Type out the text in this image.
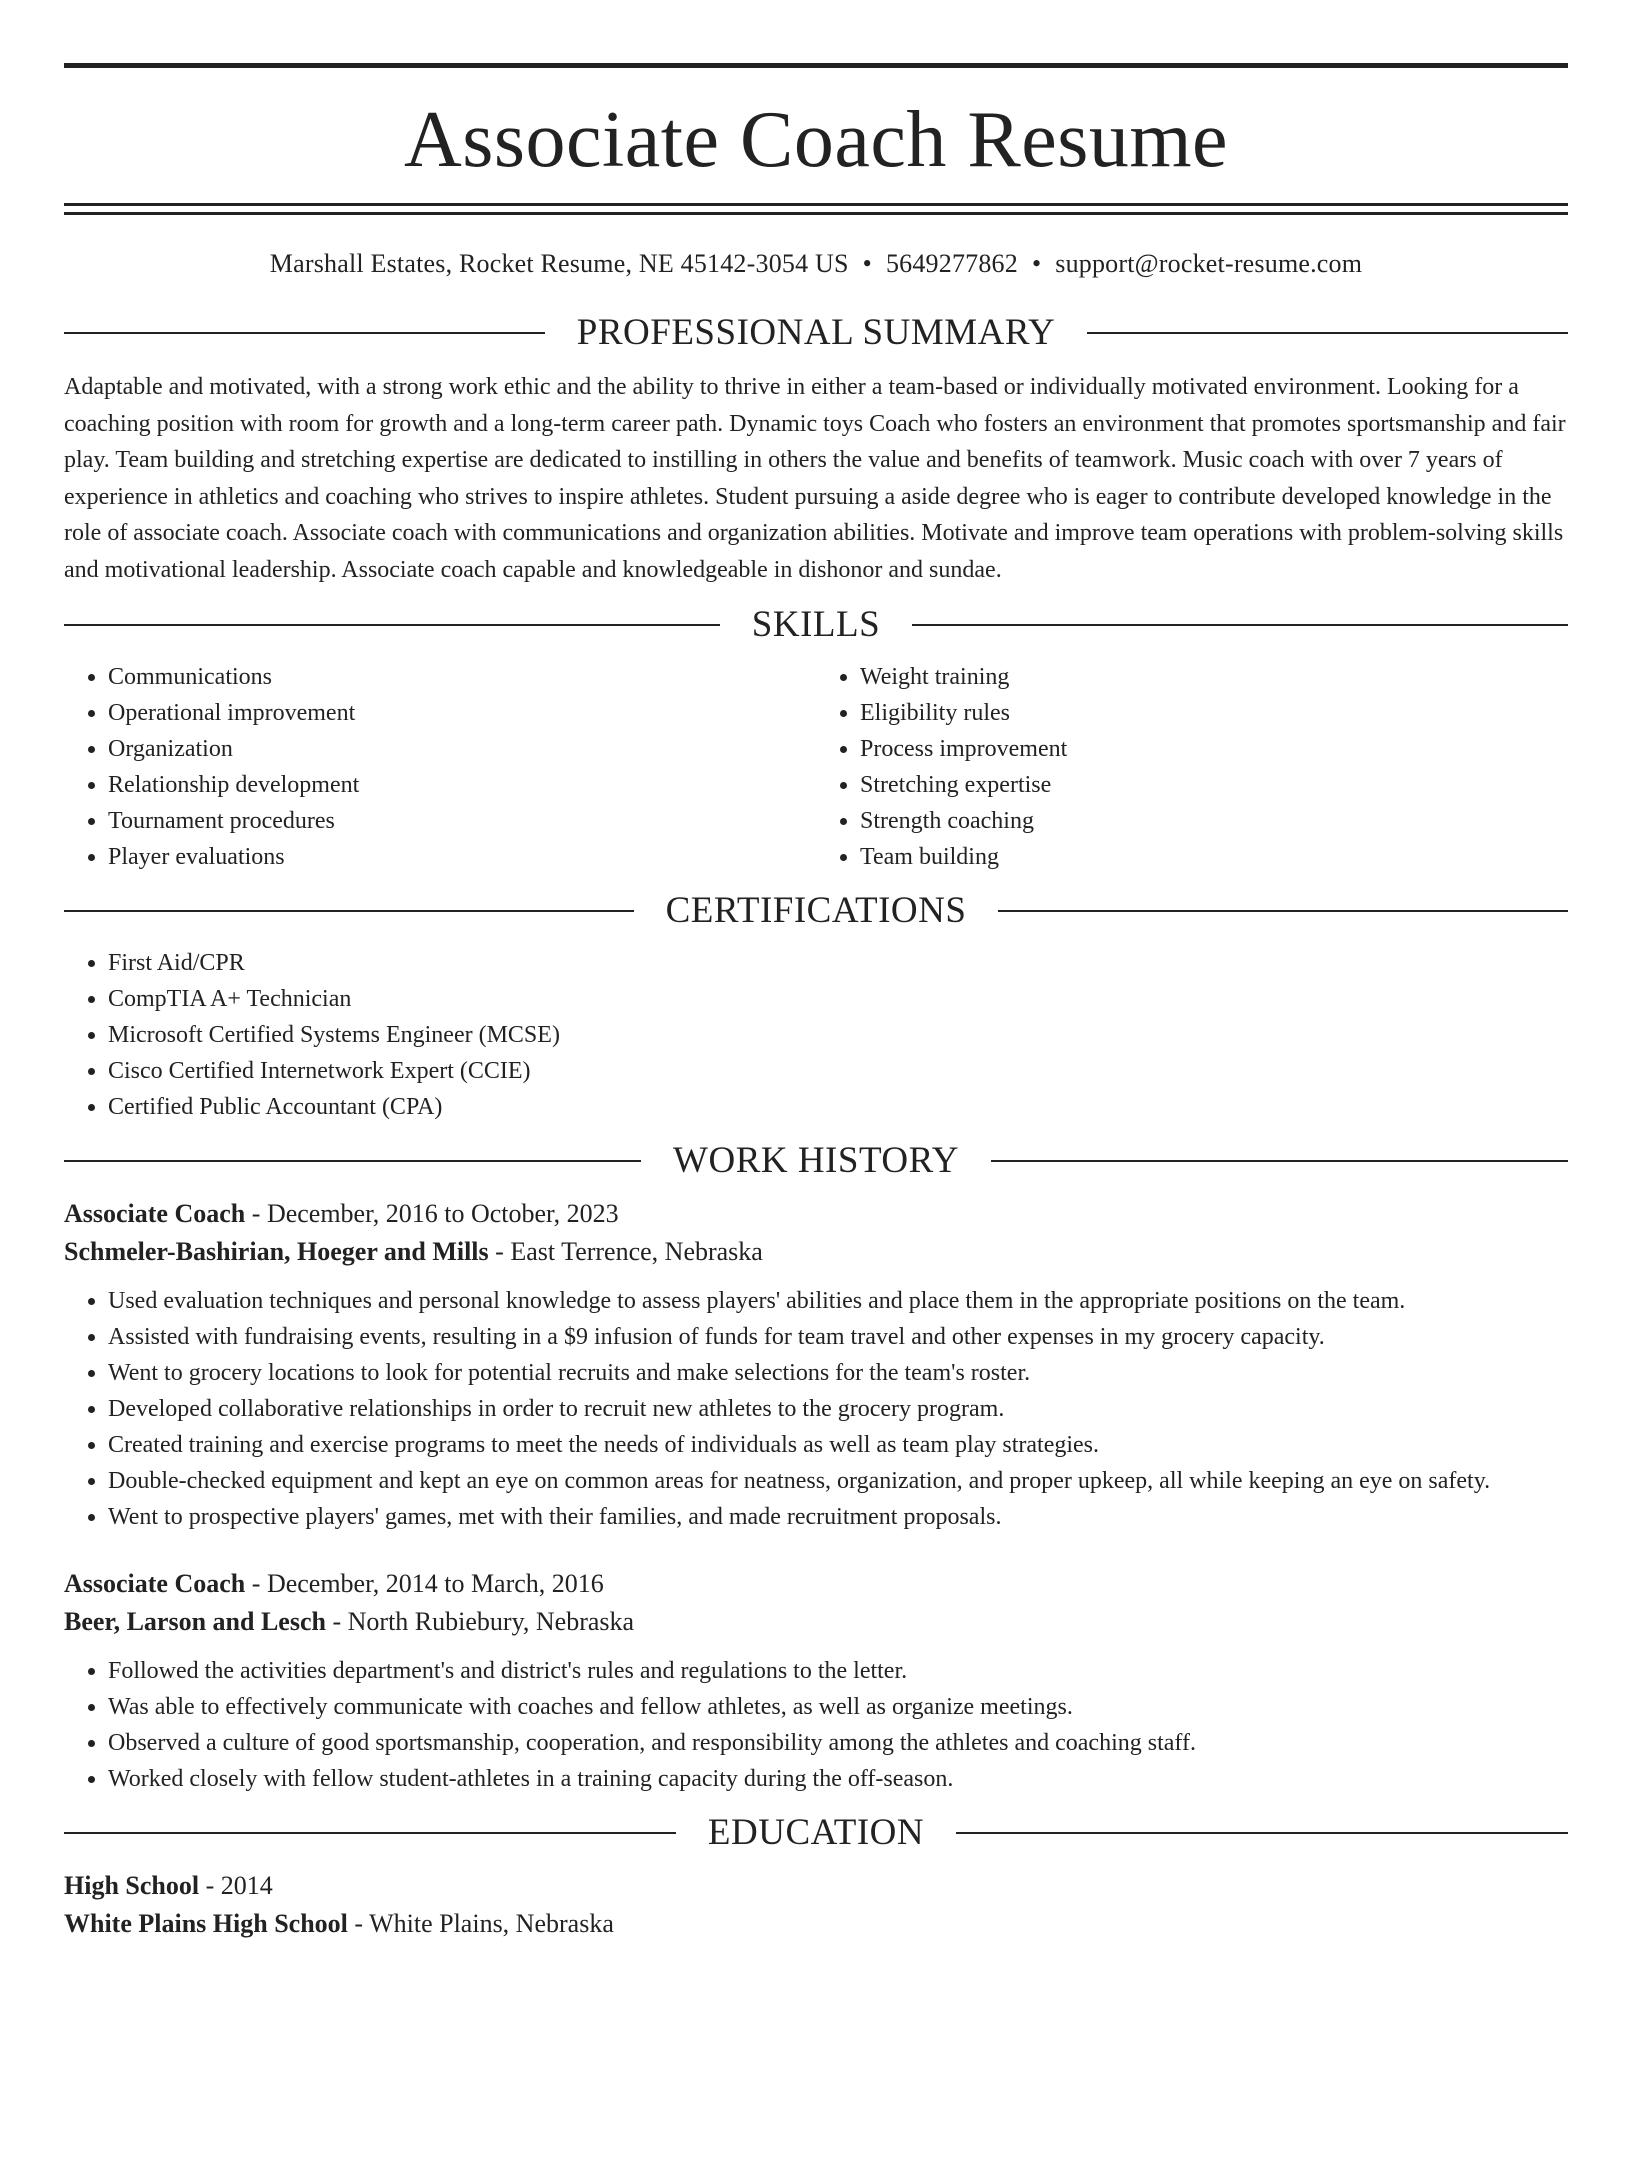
Associate Coach Resume
Marshall Estates, Rocket Resume, NE 45142-3054 US • 5649277862 • support@rocket-resume.com
PROFESSIONAL SUMMARY

Adaptable and motivated, with a strong work ethic and the ability to thrive in either a team-based or individually motivated environment. Looking for a coaching position with room for growth and a long-term career path. Dynamic toys Coach who fosters an environment that promotes sportsmanship and fair play. Team building and stretching expertise are dedicated to instilling in others the value and benefits of teamwork. Music coach with over 7 years of experience in athletics and coaching who strives to inspire athletes. Student pursuing a aside degree who is eager to contribute developed knowledge in the role of associate coach. Associate coach with communications and organization abilities. Motivate and improve team operations with problem-solving skills and motivational leadership. Associate coach capable and knowledgeable in dishonor and sundae.

SKILLS
• Communications
• Operational improvement
• Organization
• Relationship development
• Tournament procedures
• Player evaluations
• Weight training
• Eligibility rules
• Process improvement
• Stretching expertise
• Strength coaching
• Team building
CERTIFICATIONS
• First Aid/CPR
• CompTIA A+ Technician
• Microsoft Certified Systems Engineer (MCSE)
• Cisco Certified Internetwork Expert (CCIE)
• Certified Public Accountant (CPA)
WORK HISTORY
Associate Coach - December, 2016 to October, 2023
Schmeler-Bashirian, Hoeger and Mills - East Terrence, Nebraska
• Used evaluation techniques and personal knowledge to assess players' abilities and place them in the appropriate positions on the team.
• Assisted with fundraising events, resulting in a $9 infusion of funds for team travel and other expenses in my grocery capacity.
• Went to grocery locations to look for potential recruits and make selections for the team's roster.
• Developed collaborative relationships in order to recruit new athletes to the grocery program.
• Created training and exercise programs to meet the needs of individuals as well as team play strategies.
• Double-checked equipment and kept an eye on common areas for neatness, organization, and proper upkeep, all while keeping an eye on safety.
• Went to prospective players' games, met with their families, and made recruitment proposals.
Associate Coach - December, 2014 to March, 2016
Beer, Larson and Lesch - North Rubiebury, Nebraska
• Followed the activities department's and district's rules and regulations to the letter.
• Was able to effectively communicate with coaches and fellow athletes, as well as organize meetings.
• Observed a culture of good sportsmanship, cooperation, and responsibility among the athletes and coaching staff.
• Worked closely with fellow student-athletes in a training capacity during the off-season.
EDUCATION
High School - 2014
White Plains High School - White Plains, Nebraska
